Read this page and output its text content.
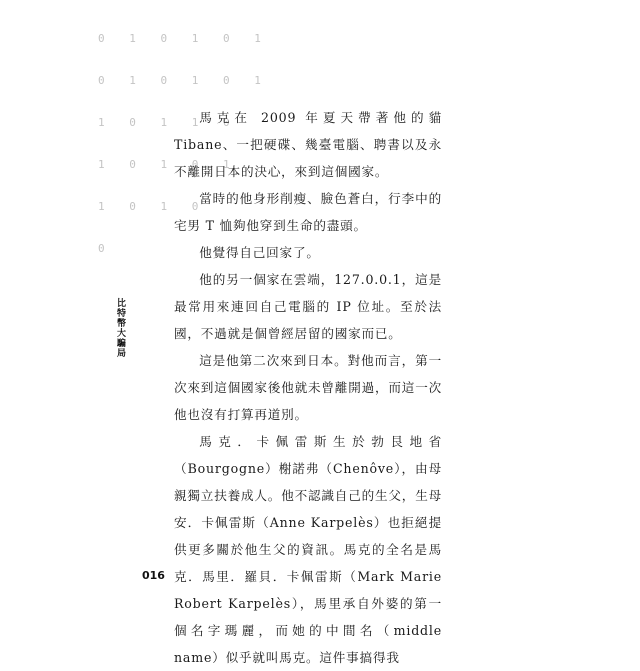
0 1 0 1 0 1

0 1 0 1 0 1

1 0 1 1 0

1 0 1 0 1

1 0 1 0

0

比特幣大騙局

馬克在 2009 年夏天帶著他的貓 Tibane、一把硬碟、幾臺電腦、聘書以及永不離開日本的決心，來到這個國家。

當時的他身形削瘦、臉色蒼白，行李中的宅男 T 恤夠他穿到生命的盡頭。

他覺得自己回家了。

他的另一個家在雲端，127.0.0.1，這是最常用來連回自己電腦的 IP 位址。至於法國，不過就是個曾經居留的國家而已。

這是他第二次來到日本。對他而言，第一次來到這個國家後他就未曾離開過，而這一次他也沒有打算再道別。

馬克．卡佩雷斯生於勃艮地省（Bourgogne）榭諾弗（Chenôve），由母親獨立扶養成人。他不認識自己的生父，生母安．卡佩雷斯（Anne Karpelès）也拒絕提供更多關於他生父的資訊。馬克的全名是馬克．馬里．羅貝．卡佩雷斯（Mark Marie Robert Karpelès），馬里承自外婆的第一個名字瑪麗，而她的中間名（middle name）似乎就叫馬克。這件事搞得我

016
